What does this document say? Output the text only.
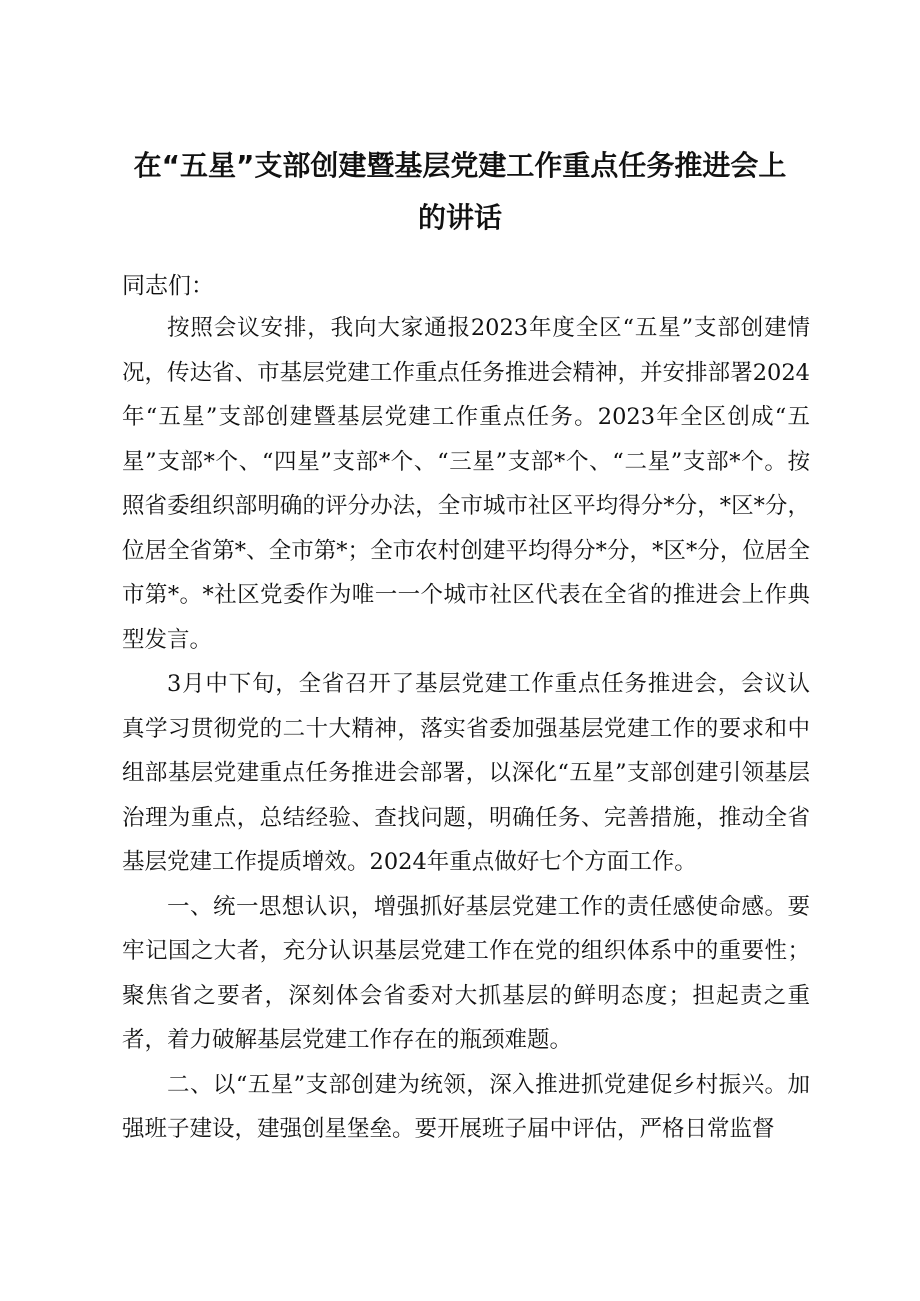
在“五星”支部创建暨基层党建工作重点任务推进会上
的讲话
同志们：

按照会议安排，我向大家通报2023年度全区“五星”支部创建情况，传达省、市基层党建工作重点任务推进会精神，并安排部署2024年“五星”支部创建暨基层党建工作重点任务。2023年全区创成“五星”支部*个、“四星”支部*个、“三星”支部*个、“二星”支部*个。按照省委组织部明确的评分办法，全市城市社区平均得分*分，*区*分，位居全省第*、全市第*；全市农村创建平均得分*分，*区*分，位居全市第*。*社区党委作为唯一一个城市社区代表在全省的推进会上作典型发言。

3月中下旬，全省召开了基层党建工作重点任务推进会，会议认真学习贯彻党的二十大精神，落实省委加强基层党建工作的要求和中组部基层党建重点任务推进会部署，以深化“五星”支部创建引领基层治理为重点，总结经验、查找问题，明确任务、完善措施，推动全省基层党建工作提质增效。2024年重点做好七个方面工作。

一、统一思想认识，增强抓好基层党建工作的责任感使命感。要牢记国之大者，充分认识基层党建工作在党的组织体系中的重要性；聚焦省之要者，深刻体会省委对大抓基层的鲜明态度；担起责之重者，着力破解基层党建工作存在的瓶颈难题。

二、以“五星”支部创建为统领，深入推进抓党建促乡村振兴。加强班子建设，建强创星堡垒。要开展班子届中评估，严格日常监督
